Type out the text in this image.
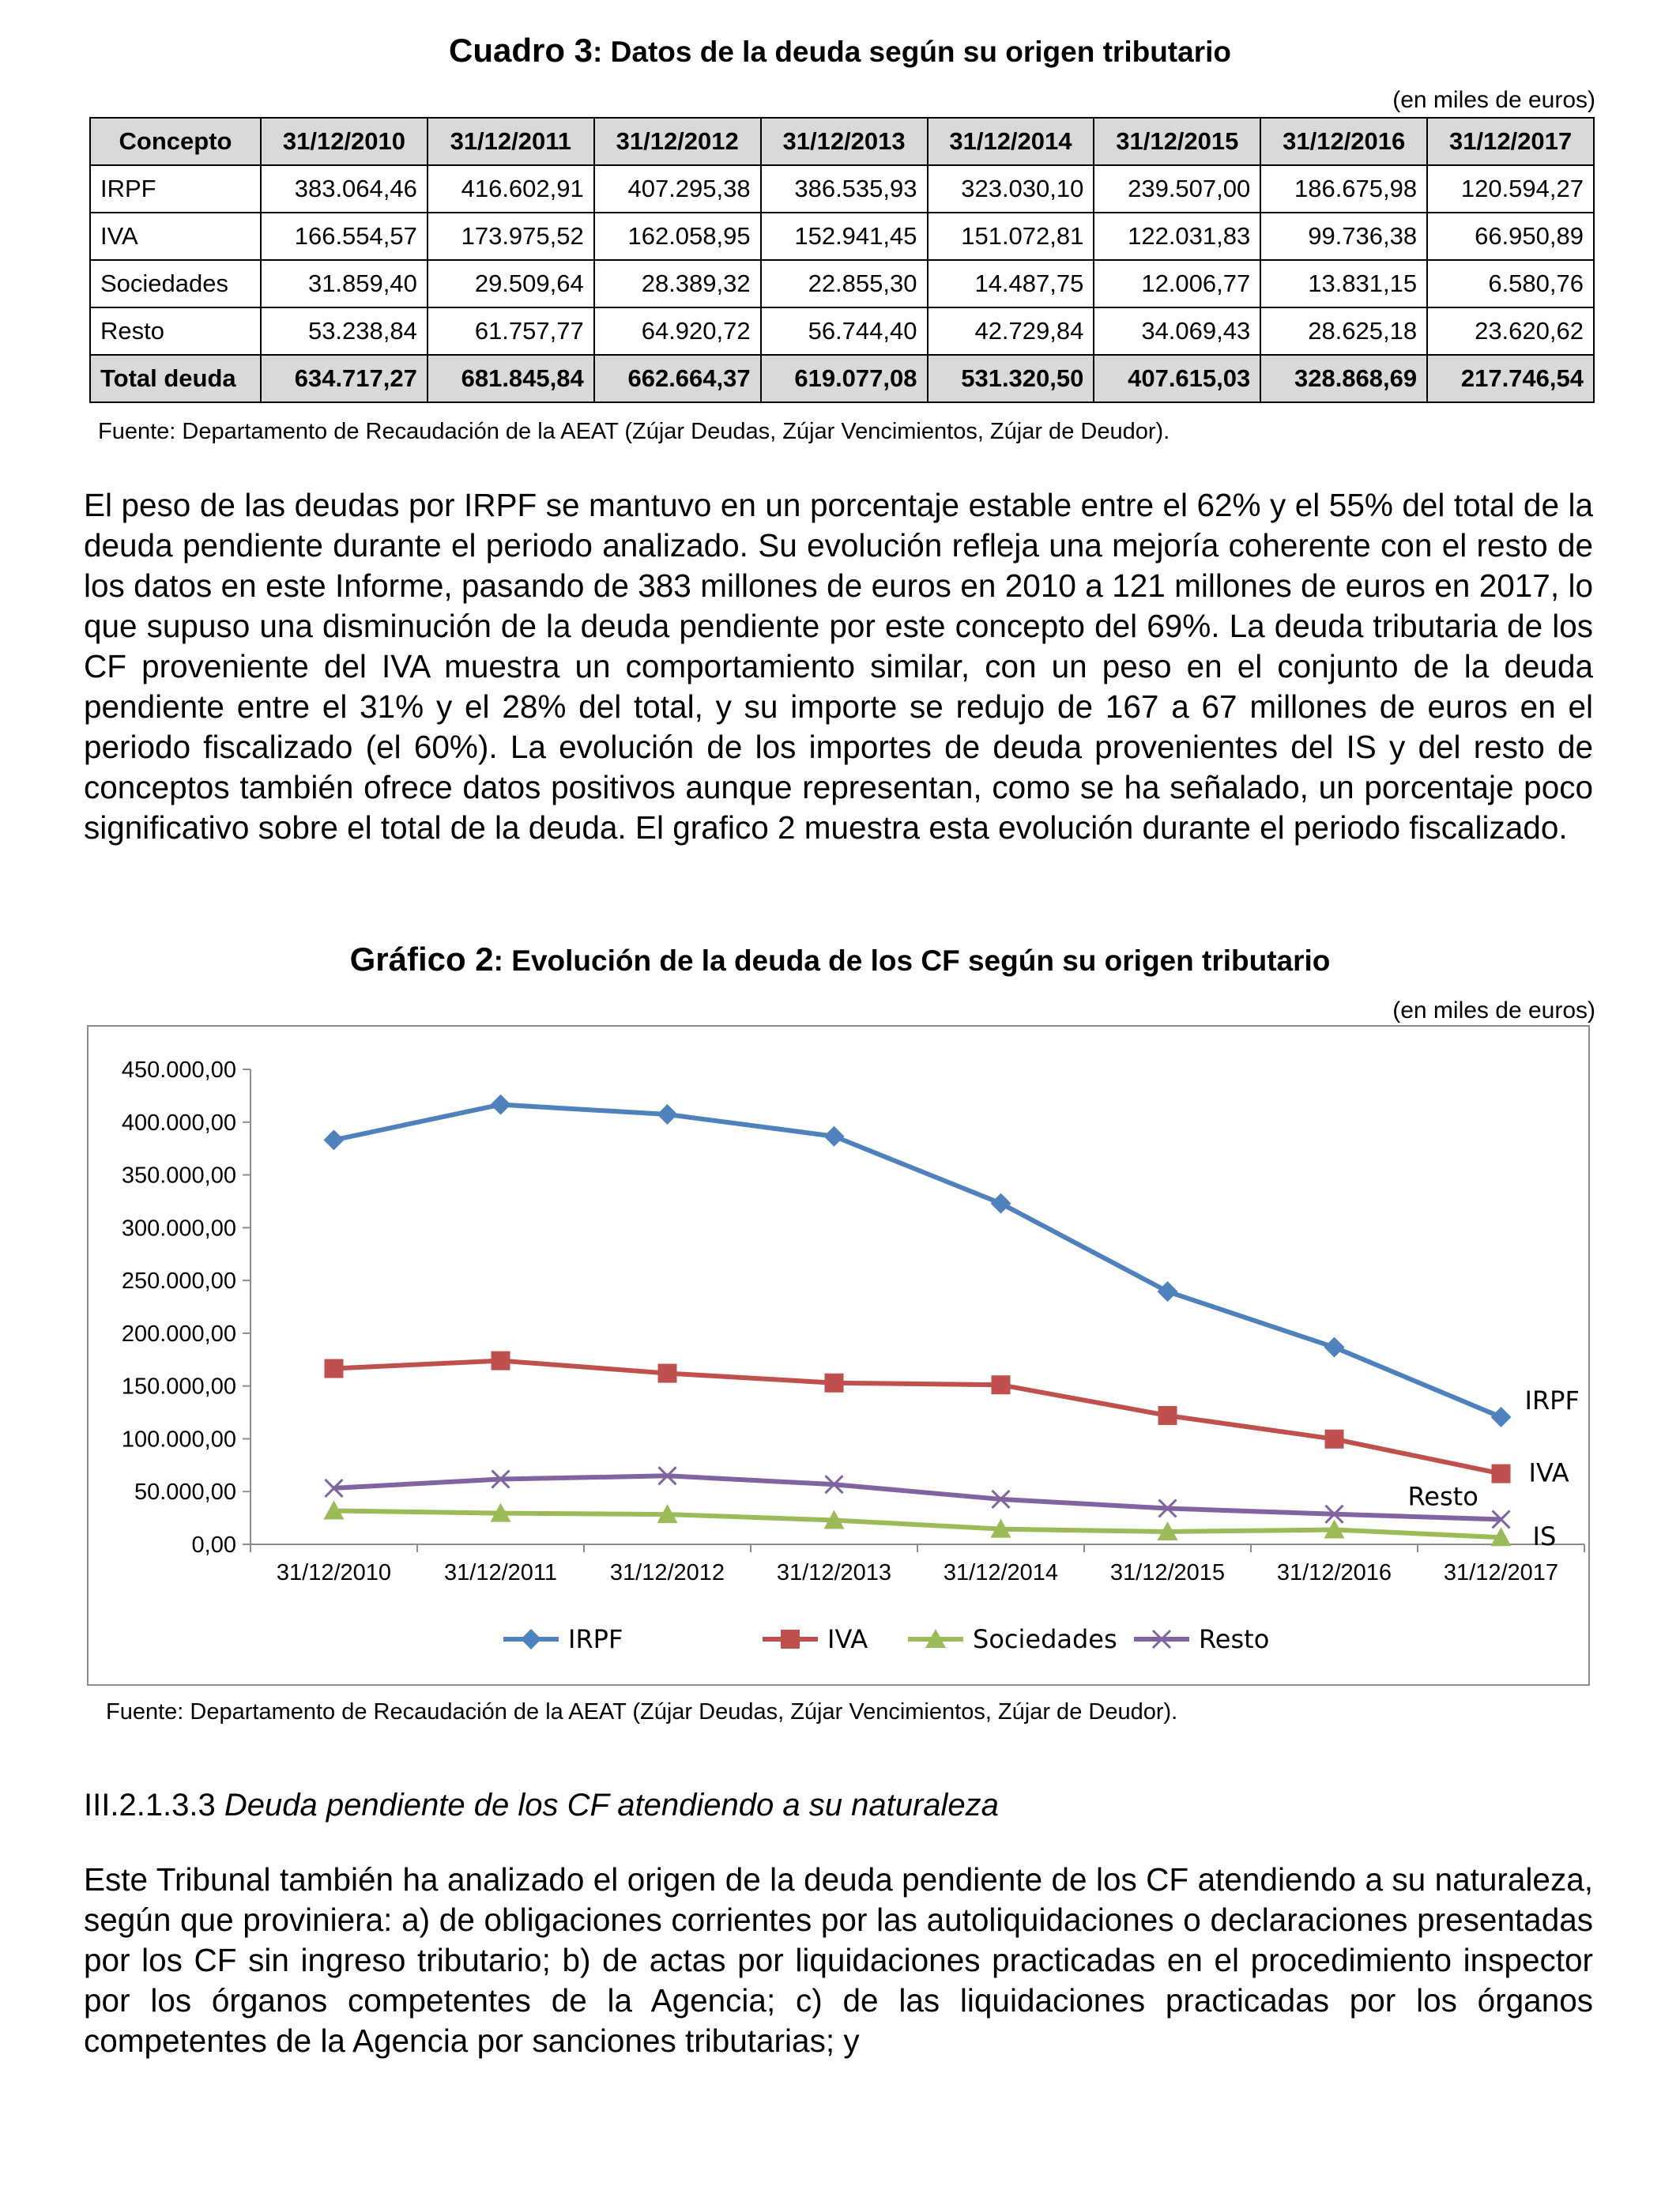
Cuadro 3: Datos de la deuda según su origen tributario
(en miles de euros)
Concepto	31/12/2010	31/12/2011	31/12/2012	31/12/2013	31/12/2014	31/12/2015	31/12/2016	31/12/2017
IRPF	383.064,46	416.602,91	407.295,38	386.535,93	323.030,10	239.507,00	186.675,98	120.594,27
IVA	166.554,57	173.975,52	162.058,95	152.941,45	151.072,81	122.031,83	99.736,38	66.950,89
Sociedades	31.859,40	29.509,64	28.389,32	22.855,30	14.487,75	12.006,77	13.831,15	6.580,76
Resto	53.238,84	61.757,77	64.920,72	56.744,40	42.729,84	34.069,43	28.625,18	23.620,62
Total deuda	634.717,27	681.845,84	662.664,37	619.077,08	531.320,50	407.615,03	328.868,69	217.746,54
Fuente: Departamento de Recaudación de la AEAT (Zújar Deudas, Zújar Vencimientos, Zújar de Deudor).

El peso de las deudas por IRPF se mantuvo en un porcentaje estable entre el 62% y el 55% del total de la deuda pendiente durante el periodo analizado. Su evolución refleja una mejoría coherente con el resto de los datos en este Informe, pasando de 383 millones de euros en 2010 a 121 millones de euros en 2017, lo que supuso una disminución de la deuda pendiente por este concepto del 69%. La deuda tributaria de los CF proveniente del IVA muestra un comportamiento similar, con un peso en el conjunto de la deuda pendiente entre el 31% y el 28% del total, y su importe se redujo de 167 a 67 millones de euros en el periodo fiscalizado (el 60%). La evolución de los importes de deuda provenientes del IS y del resto de conceptos también ofrece datos positivos aunque representan, como se ha señalado, un porcentaje poco significativo sobre el total de la deuda. El grafico 2 muestra esta evolución durante el periodo fiscalizado.

Gráfico 2: Evolución de la deuda de los CF según su origen tributario
(en miles de euros)
0,00
50.000,00
100.000,00
150.000,00
200.000,00
250.000,00
300.000,00
350.000,00
400.000,00
450.000,00
31/12/2010 31/12/2011 31/12/2012 31/12/2013 31/12/2014 31/12/2015 31/12/2016 31/12/2017
IRPF
IVA
IS
Resto
IRPF	IVA	Sociedades	Resto
Fuente: Departamento de Recaudación de la AEAT (Zújar Deudas, Zújar Vencimientos, Zújar de Deudor).
III.2.1.3.3 Deuda pendiente de los CF atendiendo a su naturaleza

Este Tribunal también ha analizado el origen de la deuda pendiente de los CF atendiendo a su naturaleza, según que proviniera: a) de obligaciones corrientes por las autoliquidaciones o declaraciones presentadas por los CF sin ingreso tributario; b) de actas por liquidaciones practicadas en el procedimiento inspector por los órganos competentes de la Agencia; c) de las liquidaciones practicadas por los órganos competentes de la Agencia por sanciones tributarias; y
